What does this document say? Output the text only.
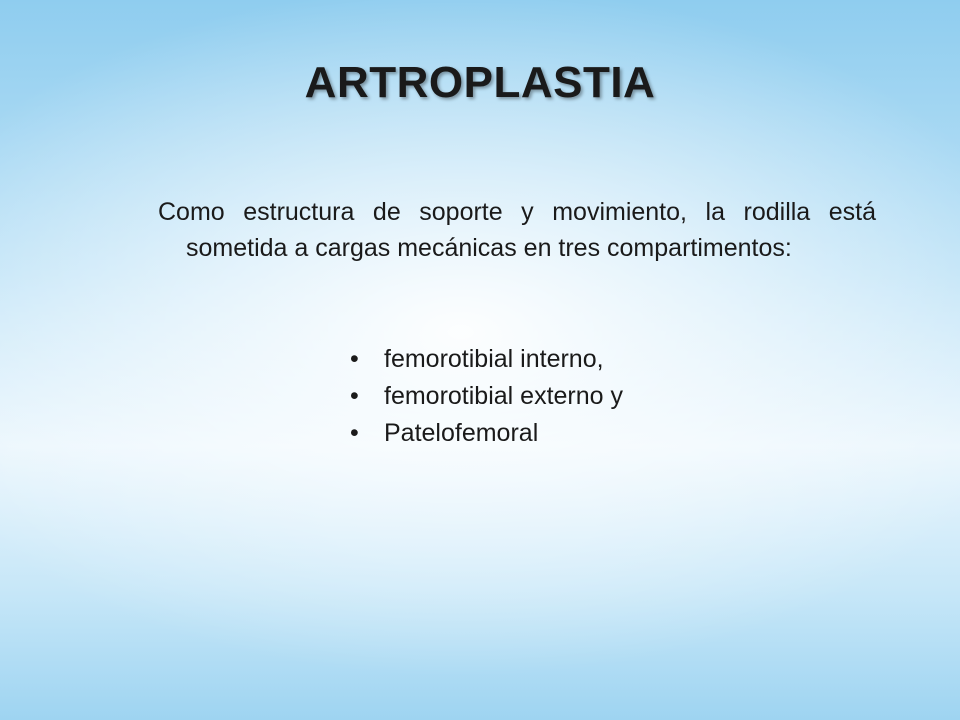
ARTROPLASTIA

Como estructura de soporte y movimiento, la rodilla está sometida a cargas mecánicas en tres compartimentos:

• femorotibial interno,
• femorotibial externo y
• Patelofemoral
